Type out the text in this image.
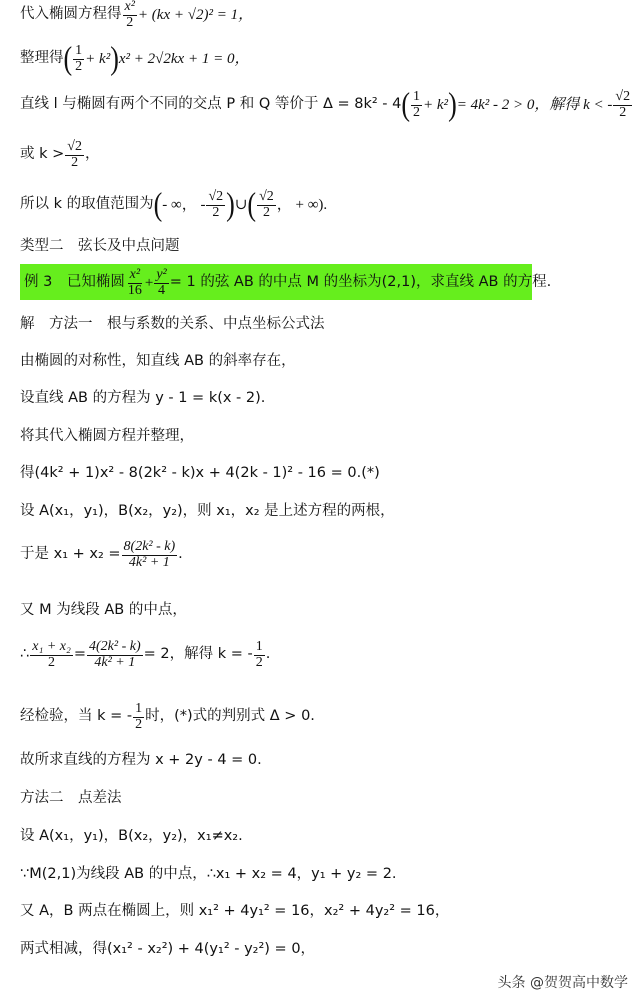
代入椭圆方程得 $\frac{\text{x²}}{2} + (kx + √2)^2 = 1$，
整理得 ( $\frac{1}{2} + k^2$ ) x² + 2√2kx + 1 = 0，
直线 l 与椭圆有两个不同的交点 P 和 Q 等价于 Δ = 8k² - 4 ( $\frac{1}{2} + k^2$ ) = 4k² - 2 > 0，解得 k < - $\frac{√2}{2}$
或 $k > \frac{√2}{2}$ ，
所以 k 的取值范围为 ( - ∞， - $\frac{√2}{2}$ ) ∪ ( $\frac{√2}{2}$ ， + ∞).
类型二　弦长及中点问题
例 3　已知椭圆 $\frac{\text{x²}}{16} + \frac{\text{y²}}{4} = 1$ 的弦 AB 的中点 M 的坐标为(2,1)，求直线 AB 的方程.
解　方法一　根与系数的关系、中点坐标公式法
由椭圆的对称性，知直线 AB 的斜率存在，
设直线 AB 的方程为 y - 1 = k(x - 2).
将其代入椭圆方程并整理，
得(4k² + 1)x² - 8(2k² - k)x + 4(2k - 1)² - 16 = 0.(*)
设 A(x₁，y₁)，B(x₂，y₂)，则 x₁，x₂ 是上述方程的两根，
于是 $x_1 + x_2 = \frac{\text{8(2k² - k)}}{\text{4k² + 1}}$ .
又 M 为线段 AB 的中点，
∴ $\frac{\text{x₁ + x₂}}{2} = \frac{\text{4(2k² - k)}}{\text{4k² + 1}} = 2$，解得 k = - $\frac{1}{2}$ .
经检验，当 k = - $\frac{1}{2}$ 时，(*)式的判别式 Δ > 0.
故所求直线的方程为 x + 2y - 4 = 0.
方法二　点差法
设 A(x₁，y₁)，B(x₂，y₂)，x₁≠x₂.
∵M(2,1)为线段 AB 的中点，∴x₁ + x₂ = 4，y₁ + y₂ = 2.
又 A，B 两点在椭圆上，则 x₁² + 4y₁² = 16，x₂² + 4y₂² = 16，
两式相减，得(x₁² - x₂²) + 4(y₁² - y₂²) = 0，
头条 @贺贺高中数学
